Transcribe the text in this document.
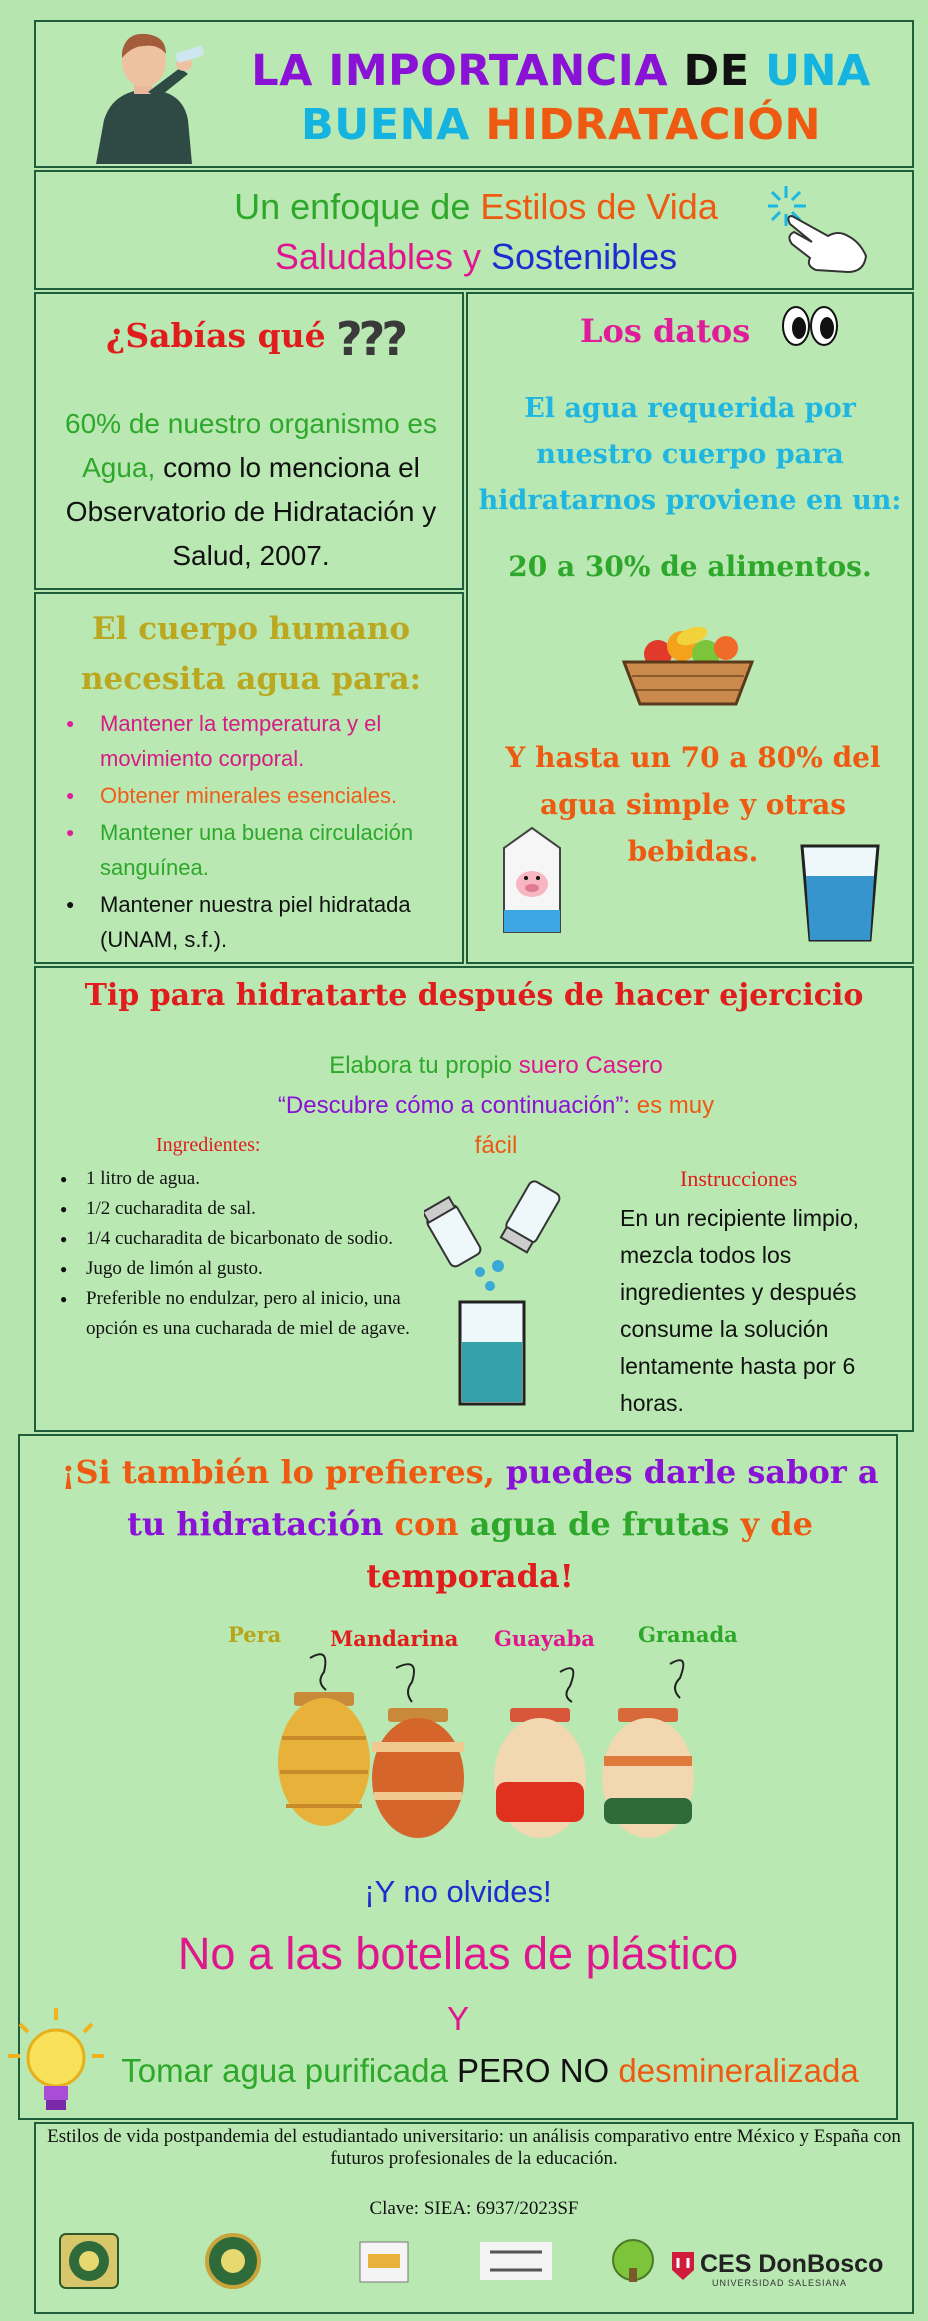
LA IMPORTANCIA DE UNA
BUENA HIDRATACIÓN
Un enfoque de Estilos de Vida
Saludables y Sostenibles
¿Sabías qué ???
60% de nuestro organismo es Agua, como lo menciona el Observatorio de Hidratación y Salud, 2007.
El cuerpo humano necesita agua para:
● Mantener la temperatura y el movimiento corporal.
● Obtener minerales esenciales.
● Mantener una buena circulación sanguínea.
● Mantener nuestra piel hidratada (UNAM, s.f.).
Los datos
El agua requerida por nuestro cuerpo para hidratarnos proviene en un:
20 a 30% de alimentos.
Y hasta un 70 a 80% del agua simple y otras bebidas.
Tip para hidratarte después de hacer ejercicio
Elabora tu propio suero Casero
“Descubre cómo a continuación”: es muy fácil
Ingredientes:
● 1 litro de agua.
● 1/2 cucharadita de sal.
● 1/4 cucharadita de bicarbonato de sodio.
● Jugo de limón al gusto.
● Preferible no endulzar, pero al inicio, una opción es una cucharada de miel de agave.
Instrucciones
En un recipiente limpio, mezcla todos los ingredientes y después consume la solución lentamente hasta por 6 horas.
¡Si también lo prefieres, puedes darle sabor a tu hidratación con agua de frutas y de temporada!
Pera Mandarina Guayaba Granada
¡Y no olvides!
No a las botellas de plástico
Y
Tomar agua purificada PERO NO desmineralizada
Estilos de vida postpandemia del estudiantado universitario: un análisis comparativo entre México y España con futuros profesionales de la educación.
Clave: SIEA: 6937/2023SF
CES DonBosco
UNIVERSIDAD SALESIANA
